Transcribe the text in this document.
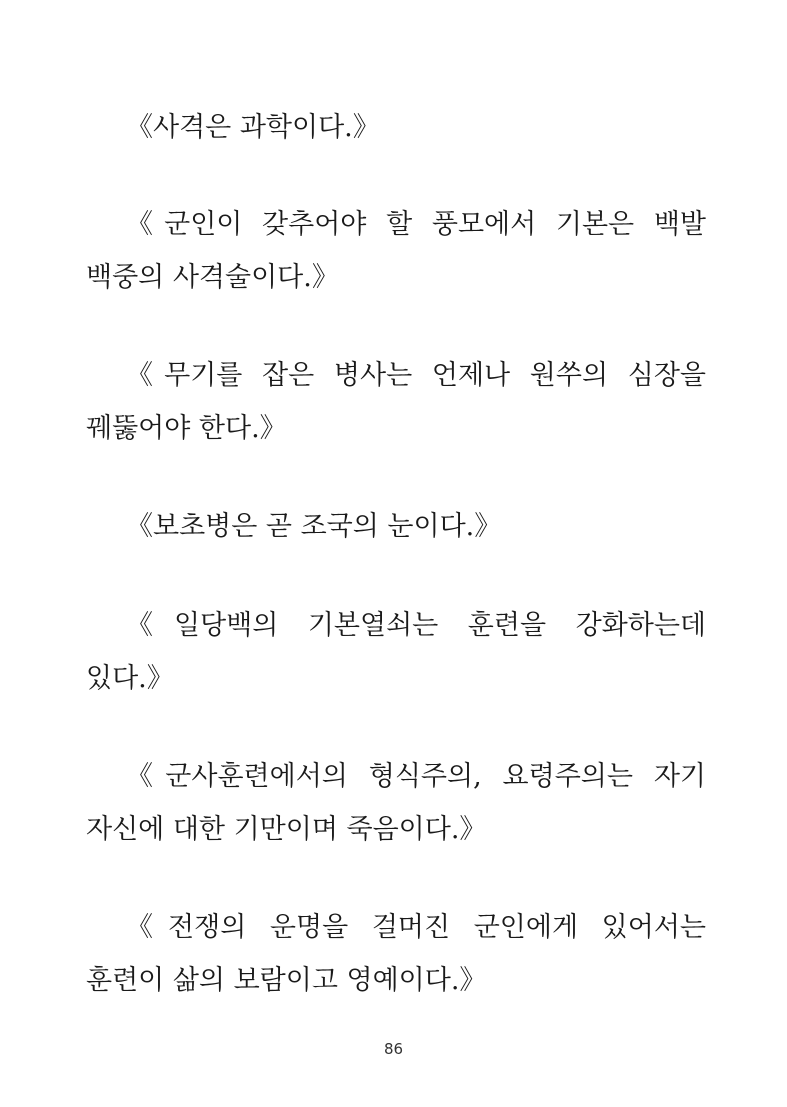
《사격은 과학이다.》

《군인이 갖추어야 할 풍모에서 기본은 백발
백중의 사격술이다.》

《무기를 잡은 병사는 언제나 원쑤의 심장을
꿰뚫어야 한다.》

《보초병은 곧 조국의 눈이다.》

《일당백의 기본열쇠는 훈련을 강화하는데
있다.》

《군사훈련에서의 형식주의, 요령주의는 자기
자신에 대한 기만이며 죽음이다.》

《전쟁의 운명을 걸머진 군인에게 있어서는
훈련이 삶의 보람이고 영예이다.》

86
